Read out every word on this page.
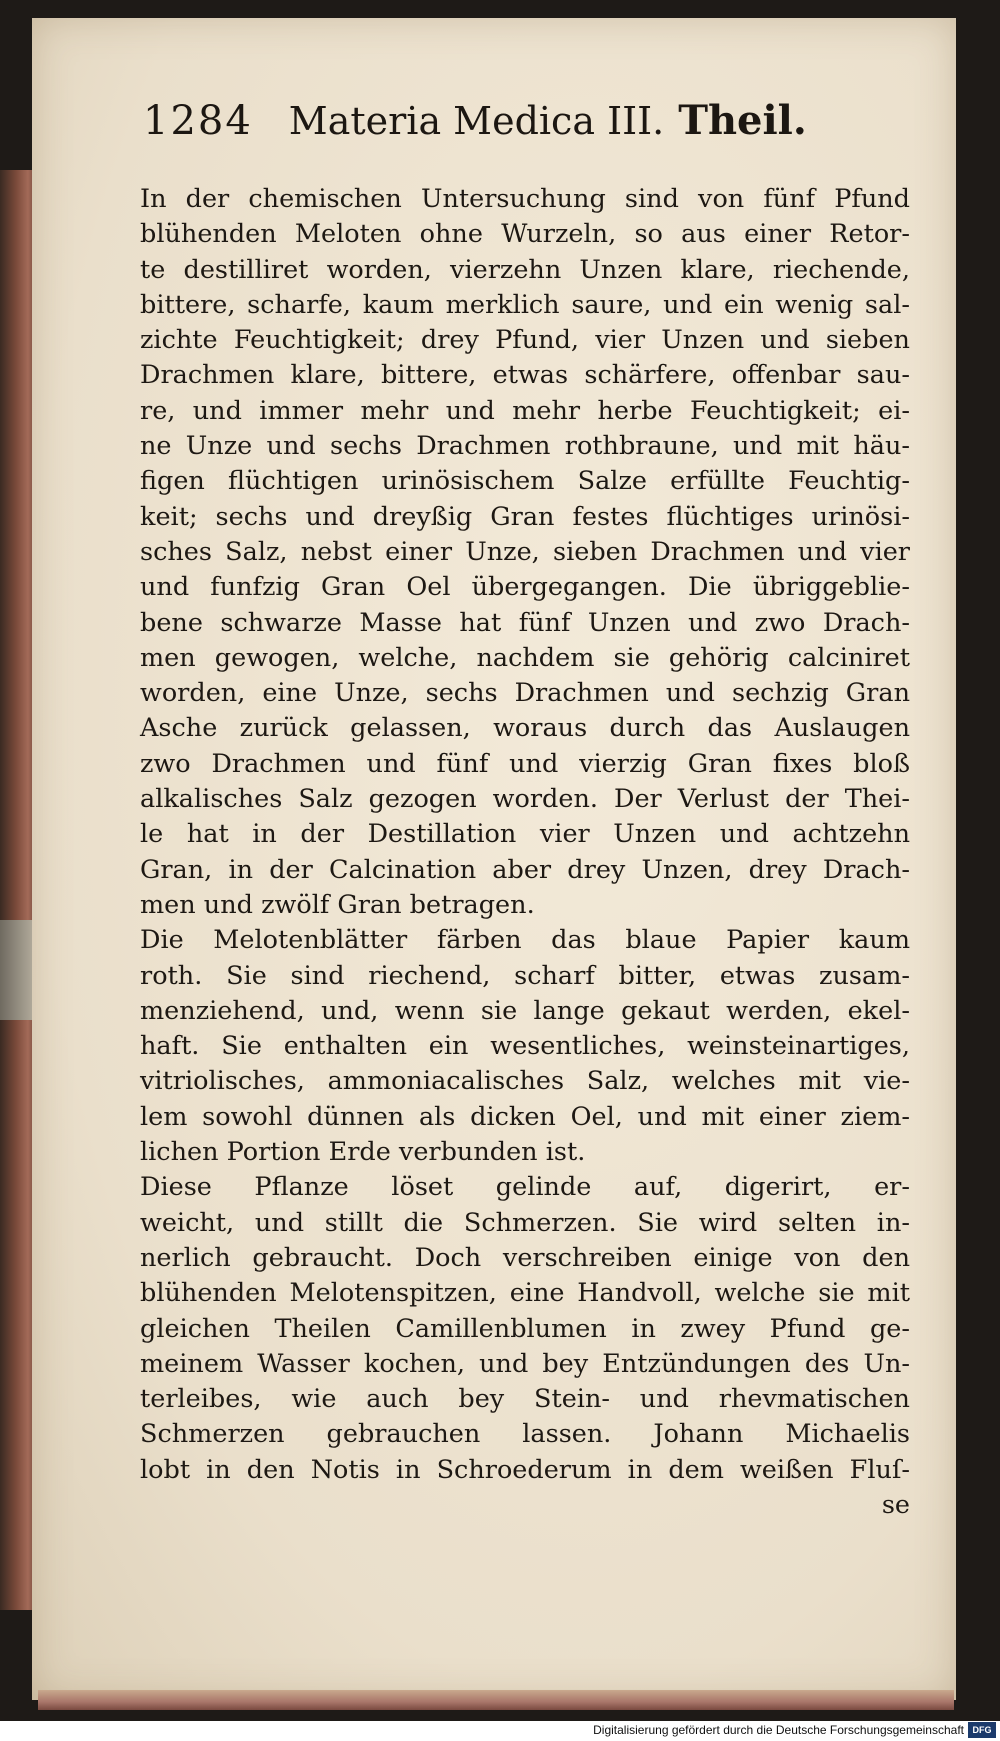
1284 Materia Medica III. Theil.
In der chemischen Untersuchung sind von fünf Pfund
blühenden Meloten ohne Wurzeln, so aus einer Retor-
te destilliret worden, vierzehn Unzen klare, riechende,
bittere, scharfe, kaum merklich saure, und ein wenig sal-
zichte Feuchtigkeit; drey Pfund, vier Unzen und sieben
Drachmen klare, bittere, etwas schärfere, offenbar sau-
re, und immer mehr und mehr herbe Feuchtigkeit; ei-
ne Unze und sechs Drachmen rothbraune, und mit häu-
figen flüchtigen urinösischem Salze erfüllte Feuchtig-
keit; sechs und dreyßig Gran festes flüchtiges urinösi-
sches Salz, nebst einer Unze, sieben Drachmen und vier
und funfzig Gran Oel übergegangen. Die übriggeblie-
bene schwarze Masse hat fünf Unzen und zwo Drach-
men gewogen, welche, nachdem sie gehörig calciniret
worden, eine Unze, sechs Drachmen und sechzig Gran
Asche zurück gelassen, woraus durch das Auslaugen
zwo Drachmen und fünf und vierzig Gran fixes bloß
alkalisches Salz gezogen worden. Der Verlust der Thei-
le hat in der Destillation vier Unzen und achtzehn
Gran, in der Calcination aber drey Unzen, drey Drach-
men und zwölf Gran betragen.
Die Melotenblätter färben das blaue Papier kaum
roth. Sie sind riechend, scharf bitter, etwas zusam-
menziehend, und, wenn sie lange gekaut werden, ekel-
haft. Sie enthalten ein wesentliches, weinsteinartiges,
vitriolisches, ammoniacalisches Salz, welches mit vie-
lem sowohl dünnen als dicken Oel, und mit einer ziem-
lichen Portion Erde verbunden ist.
Diese Pflanze löset gelinde auf, digerirt, er-
weicht, und stillt die Schmerzen. Sie wird selten in-
nerlich gebraucht. Doch verschreiben einige von den
blühenden Melotenspitzen, eine Handvoll, welche sie mit
gleichen Theilen Camillenblumen in zwey Pfund ge-
meinem Wasser kochen, und bey Entzündungen des Un-
terleibes, wie auch bey Stein- und rhevmatischen
Schmerzen gebrauchen lassen. Johann Michaelis
lobt in den Notis in Schroederum in dem weißen Fluſ-
se
Digitalisierung gefördert durch die Deutsche Forschungsgemeinschaft DFG
